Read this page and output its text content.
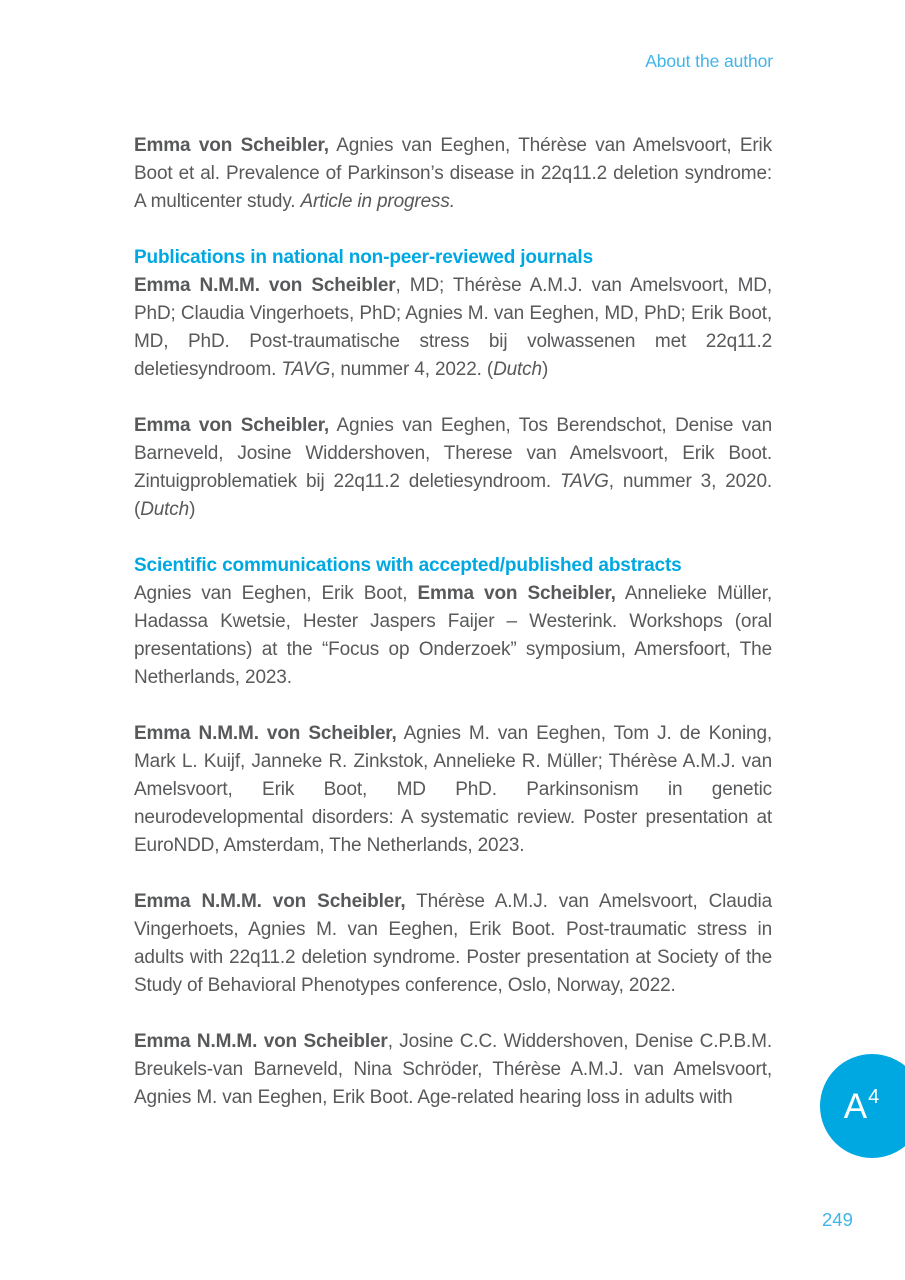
About the author

Emma von Scheibler, Agnies van Eeghen, Thérèse van Amelsvoort, Erik Boot et al. Prevalence of Parkinson’s disease in 22q11.2 deletion syndrome: A multicenter study. Article in progress.

Publications in national non-peer-reviewed journals

Emma N.M.M. von Scheibler, MD; Thérèse A.M.J. van Amelsvoort, MD, PhD; Claudia Vingerhoets, PhD; Agnies M. van Eeghen, MD, PhD; Erik Boot, MD, PhD. Post-traumatische stress bij volwassenen met 22q11.2 deletiesyndroom. TAVG, nummer 4, 2022. (Dutch)

Emma von Scheibler, Agnies van Eeghen, Tos Berendschot, Denise van Barneveld, Josine Widdershoven, Therese van Amelsvoort, Erik Boot. Zintuigproblematiek bij 22q11.2 deletiesyndroom. TAVG, nummer 3, 2020. (Dutch)

Scientific communications with accepted/published abstracts

Agnies van Eeghen, Erik Boot, Emma von Scheibler, Annelieke Müller, Hadassa Kwetsie, Hester Jaspers Faijer – Westerink. Workshops (oral presentations) at the “Focus op Onderzoek” symposium, Amersfoort, The Netherlands, 2023.

Emma N.M.M. von Scheibler, Agnies M. van Eeghen, Tom J. de Koning, Mark L. Kuijf, Janneke R. Zinkstok, Annelieke R. Müller; Thérèse A.M.J. van Amelsvoort, Erik Boot, MD PhD. Parkinsonism in genetic neurodevelopmental disorders: A systematic review. Poster presentation at EuroNDD, Amsterdam, The Netherlands, 2023.

Emma N.M.M. von Scheibler, Thérèse A.M.J. van Amelsvoort, Claudia Vingerhoets, Agnies M. van Eeghen, Erik Boot. Post-traumatic stress in adults with 22q11.2 deletion syndrome. Poster presentation at Society of the Study of Behavioral Phenotypes conference, Oslo, Norway, 2022.

Emma N.M.M. von Scheibler, Josine C.C. Widdershoven, Denise C.P.B.M. Breukels-van Barneveld, Nina Schröder, Thérèse A.M.J. van Amelsvoort, Agnies M. van Eeghen, Erik Boot. Age-related hearing loss in adults with	$A^4$
249
